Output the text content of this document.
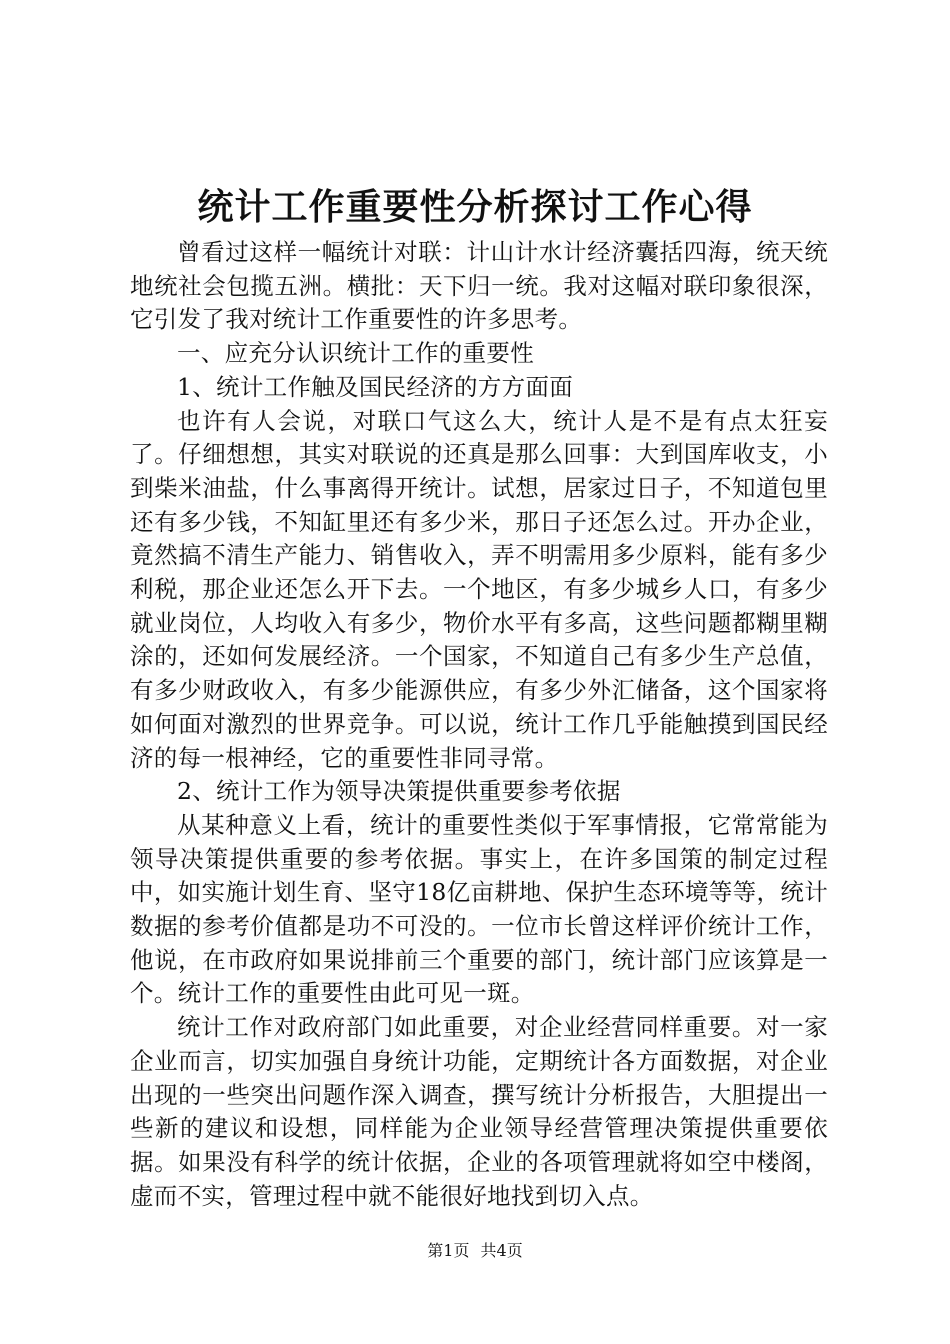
统计工作重要性分析探讨工作心得

曾看过这样一幅统计对联：计山计水计经济囊括四海，统天统地统社会包揽五洲。横批：天下归一统。我对这幅对联印象很深，它引发了我对统计工作重要性的许多思考。

一、应充分认识统计工作的重要性

1、统计工作触及国民经济的方方面面

也许有人会说，对联口气这么大，统计人是不是有点太狂妄了。仔细想想，其实对联说的还真是那么回事：大到国库收支，小到柴米油盐，什么事离得开统计。试想，居家过日子，不知道包里还有多少钱，不知缸里还有多少米，那日子还怎么过。开办企业，竟然搞不清生产能力、销售收入，弄不明需用多少原料，能有多少利税，那企业还怎么开下去。一个地区，有多少城乡人口，有多少就业岗位，人均收入有多少，物价水平有多高，这些问题都糊里糊涂的，还如何发展经济。一个国家，不知道自己有多少生产总值，有多少财政收入，有多少能源供应，有多少外汇储备，这个国家将如何面对激烈的世界竞争。可以说，统计工作几乎能触摸到国民经济的每一根神经，它的重要性非同寻常。

2、统计工作为领导决策提供重要参考依据

从某种意义上看，统计的重要性类似于军事情报，它常常能为领导决策提供重要的参考依据。事实上，在许多国策的制定过程中，如实施计划生育、坚守18亿亩耕地、保护生态环境等等，统计数据的参考价值都是功不可没的。一位市长曾这样评价统计工作，他说，在市政府如果说排前三个重要的部门，统计部门应该算是一个。统计工作的重要性由此可见一斑。

统计工作对政府部门如此重要，对企业经营同样重要。对一家企业而言，切实加强自身统计功能，定期统计各方面数据，对企业出现的一些突出问题作深入调查，撰写统计分析报告，大胆提出一些新的建议和设想，同样能为企业领导经营管理决策提供重要依据。如果没有科学的统计依据，企业的各项管理就将如空中楼阁，虚而不实，管理过程中就不能很好地找到切入点。

第1页 共4页
